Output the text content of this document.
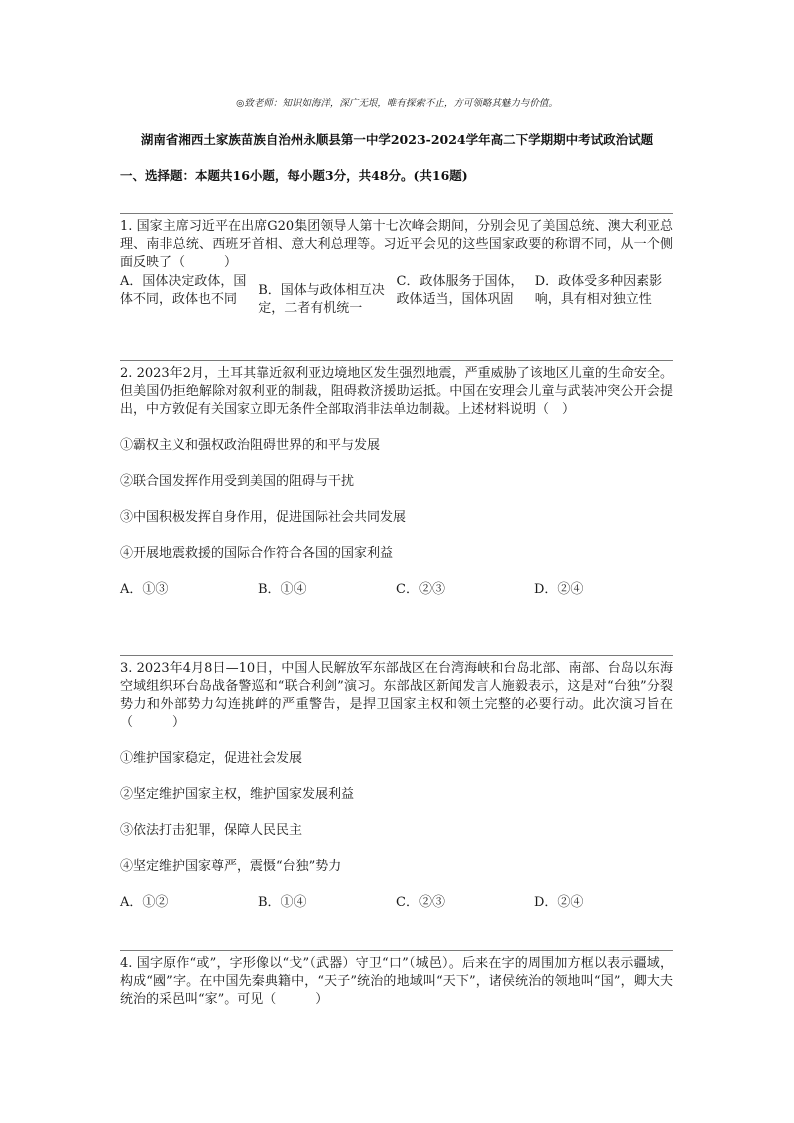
◎致老师：知识如海洋，深广无垠，唯有探索不止，方可领略其魅力与价值。
湖南省湘西土家族苗族自治州永顺县第一中学2023-2024学年高二下学期期中考试政治试题
一、选择题：本题共16小题，每小题3分，共48分。(共16题)

1. 国家主席习近平在出席G20集团领导人第十七次峰会期间，分别会见了美国总统、澳大利亚总理、南非总统、西班牙首相、意大利总理等。习近平会见的这些国家政要的称谓不同，从一个侧面反映了（　　　）

A．国体决定政体，国体不同，政体也不同
B．国体与政体相互决定，二者有机统一
C．政体服务于国体，政体适当，国体巩固
D．政体受多种因素影响，具有相对独立性

2. 2023年2月，土耳其靠近叙利亚边境地区发生强烈地震，严重威胁了该地区儿童的生命安全。但美国仍拒绝解除对叙利亚的制裁，阻碍救济援助运抵。中国在安理会儿童与武装冲突公开会提出，中方敦促有关国家立即无条件全部取消非法单边制裁。上述材料说明（　）

①霸权主义和强权政治阻碍世界的和平与发展
②联合国发挥作用受到美国的阻碍与干扰
③中国积极发挥自身作用，促进国际社会共同发展
④开展地震救援的国际合作符合各国的国家利益
A．①③	B．①④	C．②③	D．②④

3. 2023年4月8日—10日，中国人民解放军东部战区在台湾海峡和台岛北部、南部、台岛以东海空域组织环台岛战备警巡和“联合利剑”演习。东部战区新闻发言人施毅表示，这是对“台独”分裂势力和外部势力勾连挑衅的严重警告，是捍卫国家主权和领土完整的必要行动。此次演习旨在（　　　）

①维护国家稳定，促进社会发展
②坚定维护国家主权，维护国家发展利益
③依法打击犯罪，保障人民民主
④坚定维护国家尊严，震慑“台独”势力
A．①②	B．①④	C．②③	D．②④

4. 国字原作“或”，字形像以“戈”（武器）守卫“口”（城邑）。后来在字的周围加方框以表示疆域，构成“國”字。在中国先秦典籍中，“天子”统治的地域叫“天下”，诸侯统治的领地叫“国”，卿大夫统治的采邑叫“家”。可见（　　　）
